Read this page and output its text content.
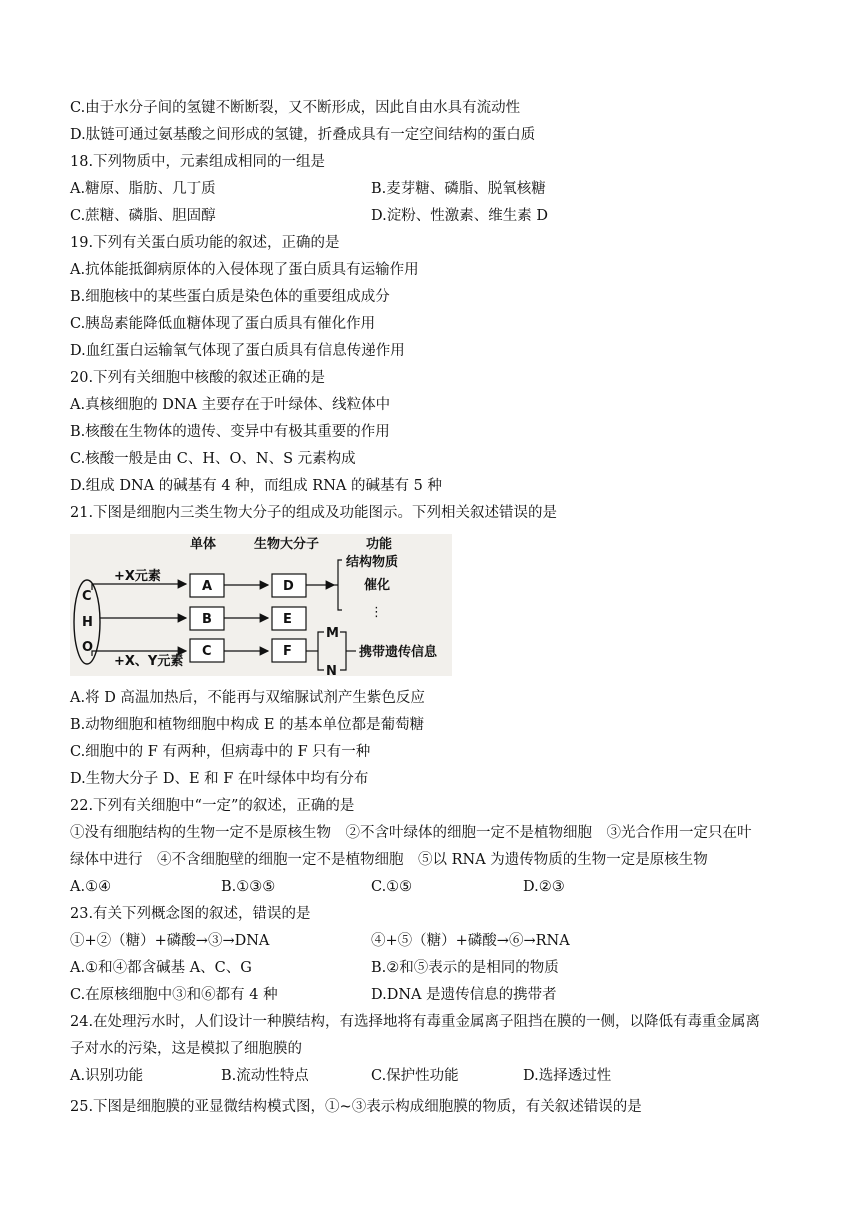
C.由于水分子间的氢键不断断裂，又不断形成，因此自由水具有流动性
D.肽链可通过氨基酸之间形成的氢键，折叠成具有一定空间结构的蛋白质
18.下列物质中，元素组成相同的一组是
A.糖原、脂肪、几丁质	B.麦芽糖、磷脂、脱氧核糖
C.蔗糖、磷脂、胆固醇	D.淀粉、性激素、维生素 D
19.下列有关蛋白质功能的叙述，正确的是
A.抗体能抵御病原体的入侵体现了蛋白质具有运输作用
B.细胞核中的某些蛋白质是染色体的重要组成成分
C.胰岛素能降低血糖体现了蛋白质具有催化作用
D.血红蛋白运输氧气体现了蛋白质具有信息传递作用
20.下列有关细胞中核酸的叙述正确的是
A.真核细胞的 DNA 主要存在于叶绿体、线粒体中
B.核酸在生物体的遗传、变异中有极其重要的作用
C.核酸一般是由 C、H、O、N、S 元素构成
D.组成 DNA 的碱基有 4 种，而组成 RNA 的碱基有 5 种
21.下图是细胞内三类生物大分子的组成及功能图示。下列相关叙述错误的是
单体	生物大分子	功能
C
H
O
+X元素
A	D
结构物质
催化
⋮
B	E
+X、Y元素
C	F
M
N
携带遗传信息
A.将 D 高温加热后，不能再与双缩脲试剂产生紫色反应
B.动物细胞和植物细胞中构成 E 的基本单位都是葡萄糖
C.细胞中的 F 有两种，但病毒中的 F 只有一种
D.生物大分子 D、E 和 F 在叶绿体中均有分布
22.下列有关细胞中“一定”的叙述，正确的是
①没有细胞结构的生物一定不是原核生物　②不含叶绿体的细胞一定不是植物细胞　③光合作用一定只在叶
绿体中进行　④不含细胞壁的细胞一定不是植物细胞　⑤以 RNA 为遗传物质的生物一定是原核生物
A.①④	B.①③⑤	C.①⑤	D.②③
23.有关下列概念图的叙述，错误的是
①+②（糖）+磷酸→③→DNA	④+⑤（糖）+磷酸→⑥→RNA
A.①和④都含碱基 A、C、G	B.②和⑤表示的是相同的物质
C.在原核细胞中③和⑥都有 4 种	D.DNA 是遗传信息的携带者
24.在处理污水时，人们设计一种膜结构，有选择地将有毒重金属离子阻挡在膜的一侧，以降低有毒重金属离
子对水的污染，这是模拟了细胞膜的
A.识别功能	B.流动性特点	C.保护性功能	D.选择透过性
25.下图是细胞膜的亚显微结构模式图，①~③表示构成细胞膜的物质，有关叙述错误的是
